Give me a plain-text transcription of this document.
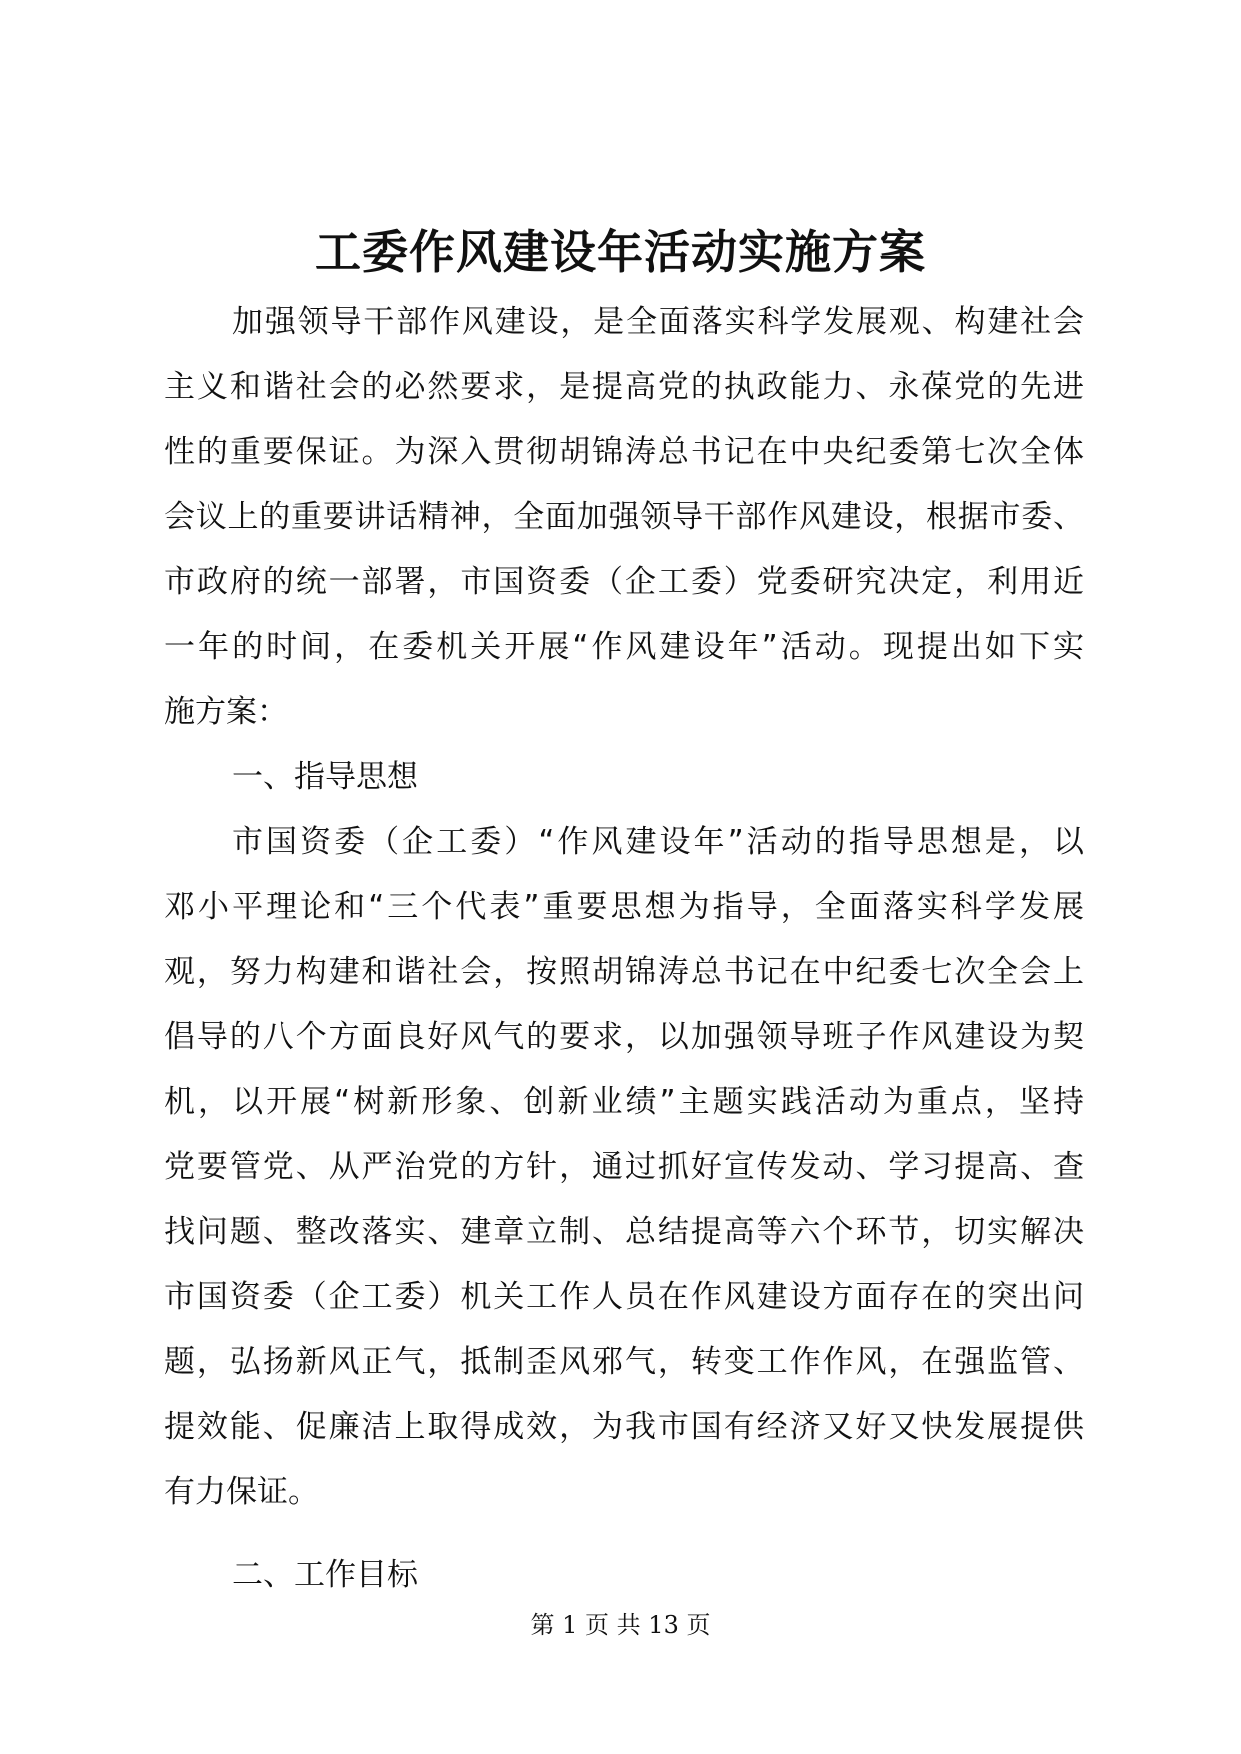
工委作风建设年活动实施方案
加强领导干部作风建设，是全面落实科学发展观、构建社会
主义和谐社会的必然要求，是提高党的执政能力、永葆党的先进
性的重要保证。为深入贯彻胡锦涛总书记在中央纪委第七次全体
会议上的重要讲话精神，全面加强领导干部作风建设，根据市委、
市政府的统一部署，市国资委（企工委）党委研究决定，利用近
一年的时间，在委机关开展“作风建设年”活动。现提出如下实
施方案：
一、指导思想
市国资委（企工委）“作风建设年”活动的指导思想是，以
邓小平理论和“三个代表”重要思想为指导，全面落实科学发展
观，努力构建和谐社会，按照胡锦涛总书记在中纪委七次全会上
倡导的八个方面良好风气的要求，以加强领导班子作风建设为契
机，以开展“树新形象、创新业绩”主题实践活动为重点，坚持
党要管党、从严治党的方针，通过抓好宣传发动、学习提高、查
找问题、整改落实、建章立制、总结提高等六个环节，切实解决
市国资委（企工委）机关工作人员在作风建设方面存在的突出问
题，弘扬新风正气，抵制歪风邪气，转变工作作风，在强监管、
提效能、促廉洁上取得成效，为我市国有经济又好又快发展提供
有力保证。
二、工作目标
第 1 页 共 13 页
